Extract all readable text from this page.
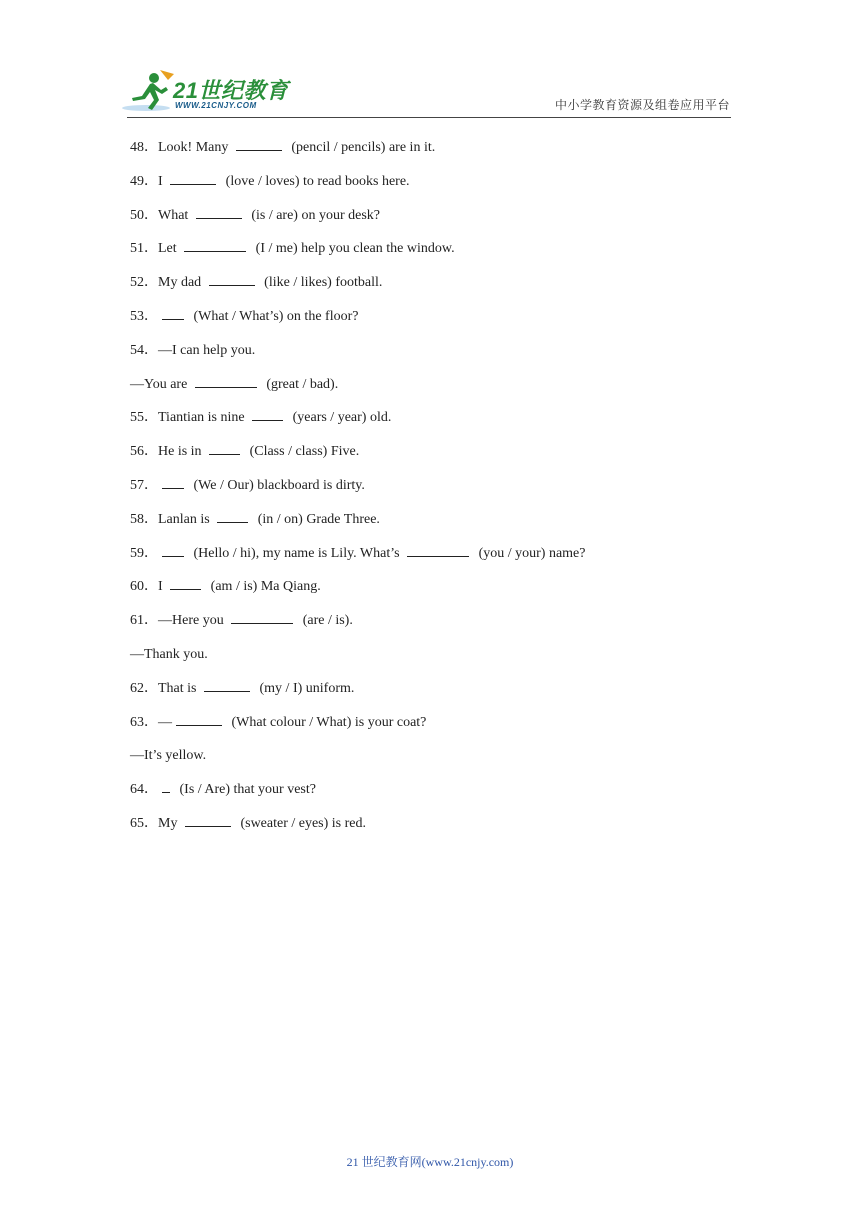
21世纪教育
WWW.21CNJY.COM	中小学教育资源及组卷应用平台
48．Look! Many	(pencil / pencils) are in it.
49．I	(love / loves) to read books here.
50．What	(is / are) on your desk?
51．Let	(I / me) help you clean the window.
52．My dad	(like / likes) football.
53． (What / What’s) on the floor?
54．—I can help you.
—You are	(great / bad).
55．Tiantian is nine	(years / year) old.
56．He is in	(Class / class) Five.
57． (We / Our) blackboard is dirty.
58．Lanlan is	(in / on) Grade Three.
59． (Hello / hi), my name is Lily. What’s	(you / your) name?
60．I	(am / is) Ma Qiang.
61．—Here you	(are / is).
—Thank you.
62．That is	(my / I) uniform.
63．—	(What colour / What) is your coat?
—It’s yellow.
64． (Is / Are) that your vest?
65．My	(sweater / eyes) is red.
21 世纪教育网(www.21cnjy.com)
